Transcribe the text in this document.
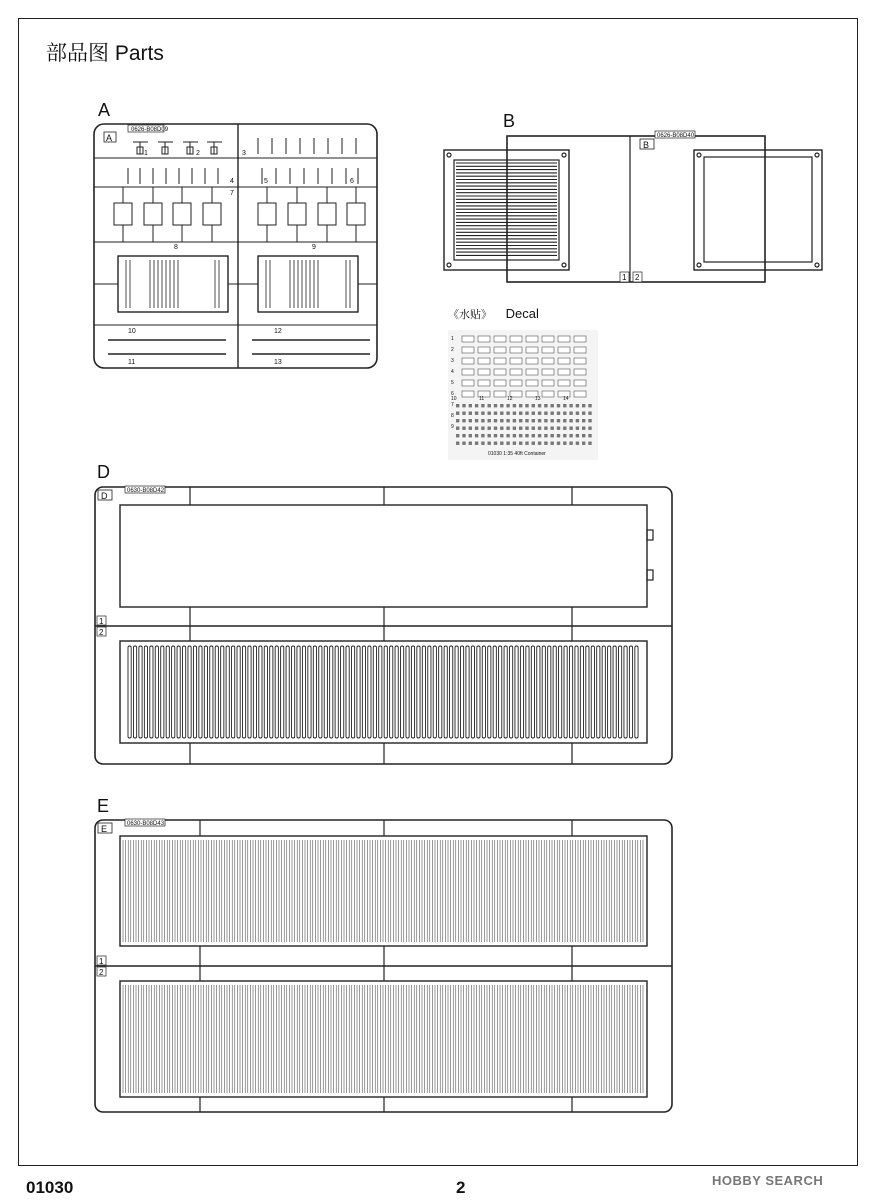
部品图 Parts
A
B
D
E
《水贴》 Decal
0626-B08D09
A
1	2	3
4	5	6
7
8	9
10
11
12
13
0626-B08D40
B
1 2
01030 1:35 40ft Container
1
2
3
4
5
6
7
8
9
10	11	12	13	14
0630-B08D42
D
1
2
0630-B08D43
E
1
2
01030	2	HOBBY SEARCH
